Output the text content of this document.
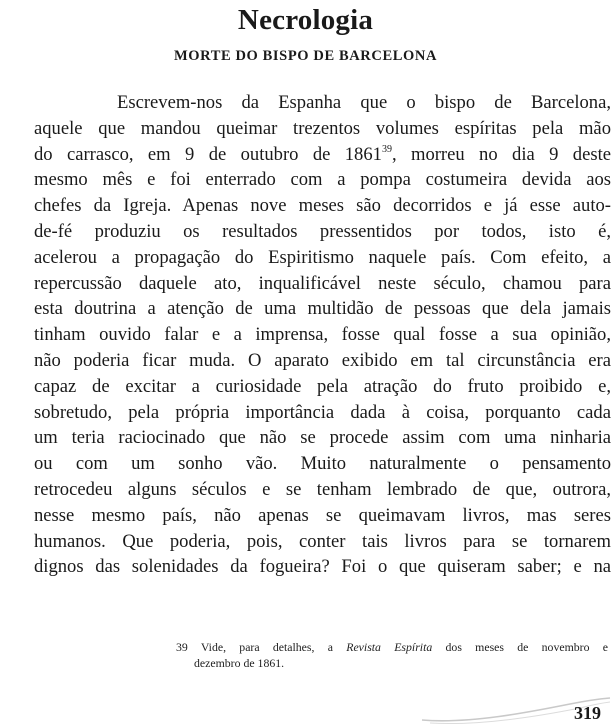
Necrologia
MORTE DO BISPO DE BARCELONA
Escrevem-nos da Espanha que o bispo de Barcelona,
aquele que mandou queimar trezentos volumes espíritas pela mão
do carrasco, em 9 de outubro de 1861$^{39}$, morreu no dia 9 deste
mesmo mês e foi enterrado com a pompa costumeira devida aos
chefes da Igreja. Apenas nove meses são decorridos e já esse auto-
de-fé produziu os resultados pressentidos por todos, isto é,
acelerou a propagação do Espiritismo naquele país. Com efeito, a
repercussão daquele ato, inqualificável neste século, chamou para
esta doutrina a atenção de uma multidão de pessoas que dela jamais
tinham ouvido falar e a imprensa, fosse qual fosse a sua opinião,
não poderia ficar muda. O aparato exibido em tal circunstância era
capaz de excitar a curiosidade pela atração do fruto proibido e,
sobretudo, pela própria importância dada à coisa, porquanto cada
um teria raciocinado que não se procede assim com uma ninharia
ou com um sonho vão. Muito naturalmente o pensamento
retrocedeu alguns séculos e se tenham lembrado de que, outrora,
nesse mesmo país, não apenas se queimavam livros, mas seres
humanos. Que poderia, pois, conter tais livros para se tornarem
dignos das solenidades da fogueira? Foi o que quiseram saber; e na
39 Vide, para detalhes, a Revista Espírita dos meses de novembro e
dezembro de 1861.
319
